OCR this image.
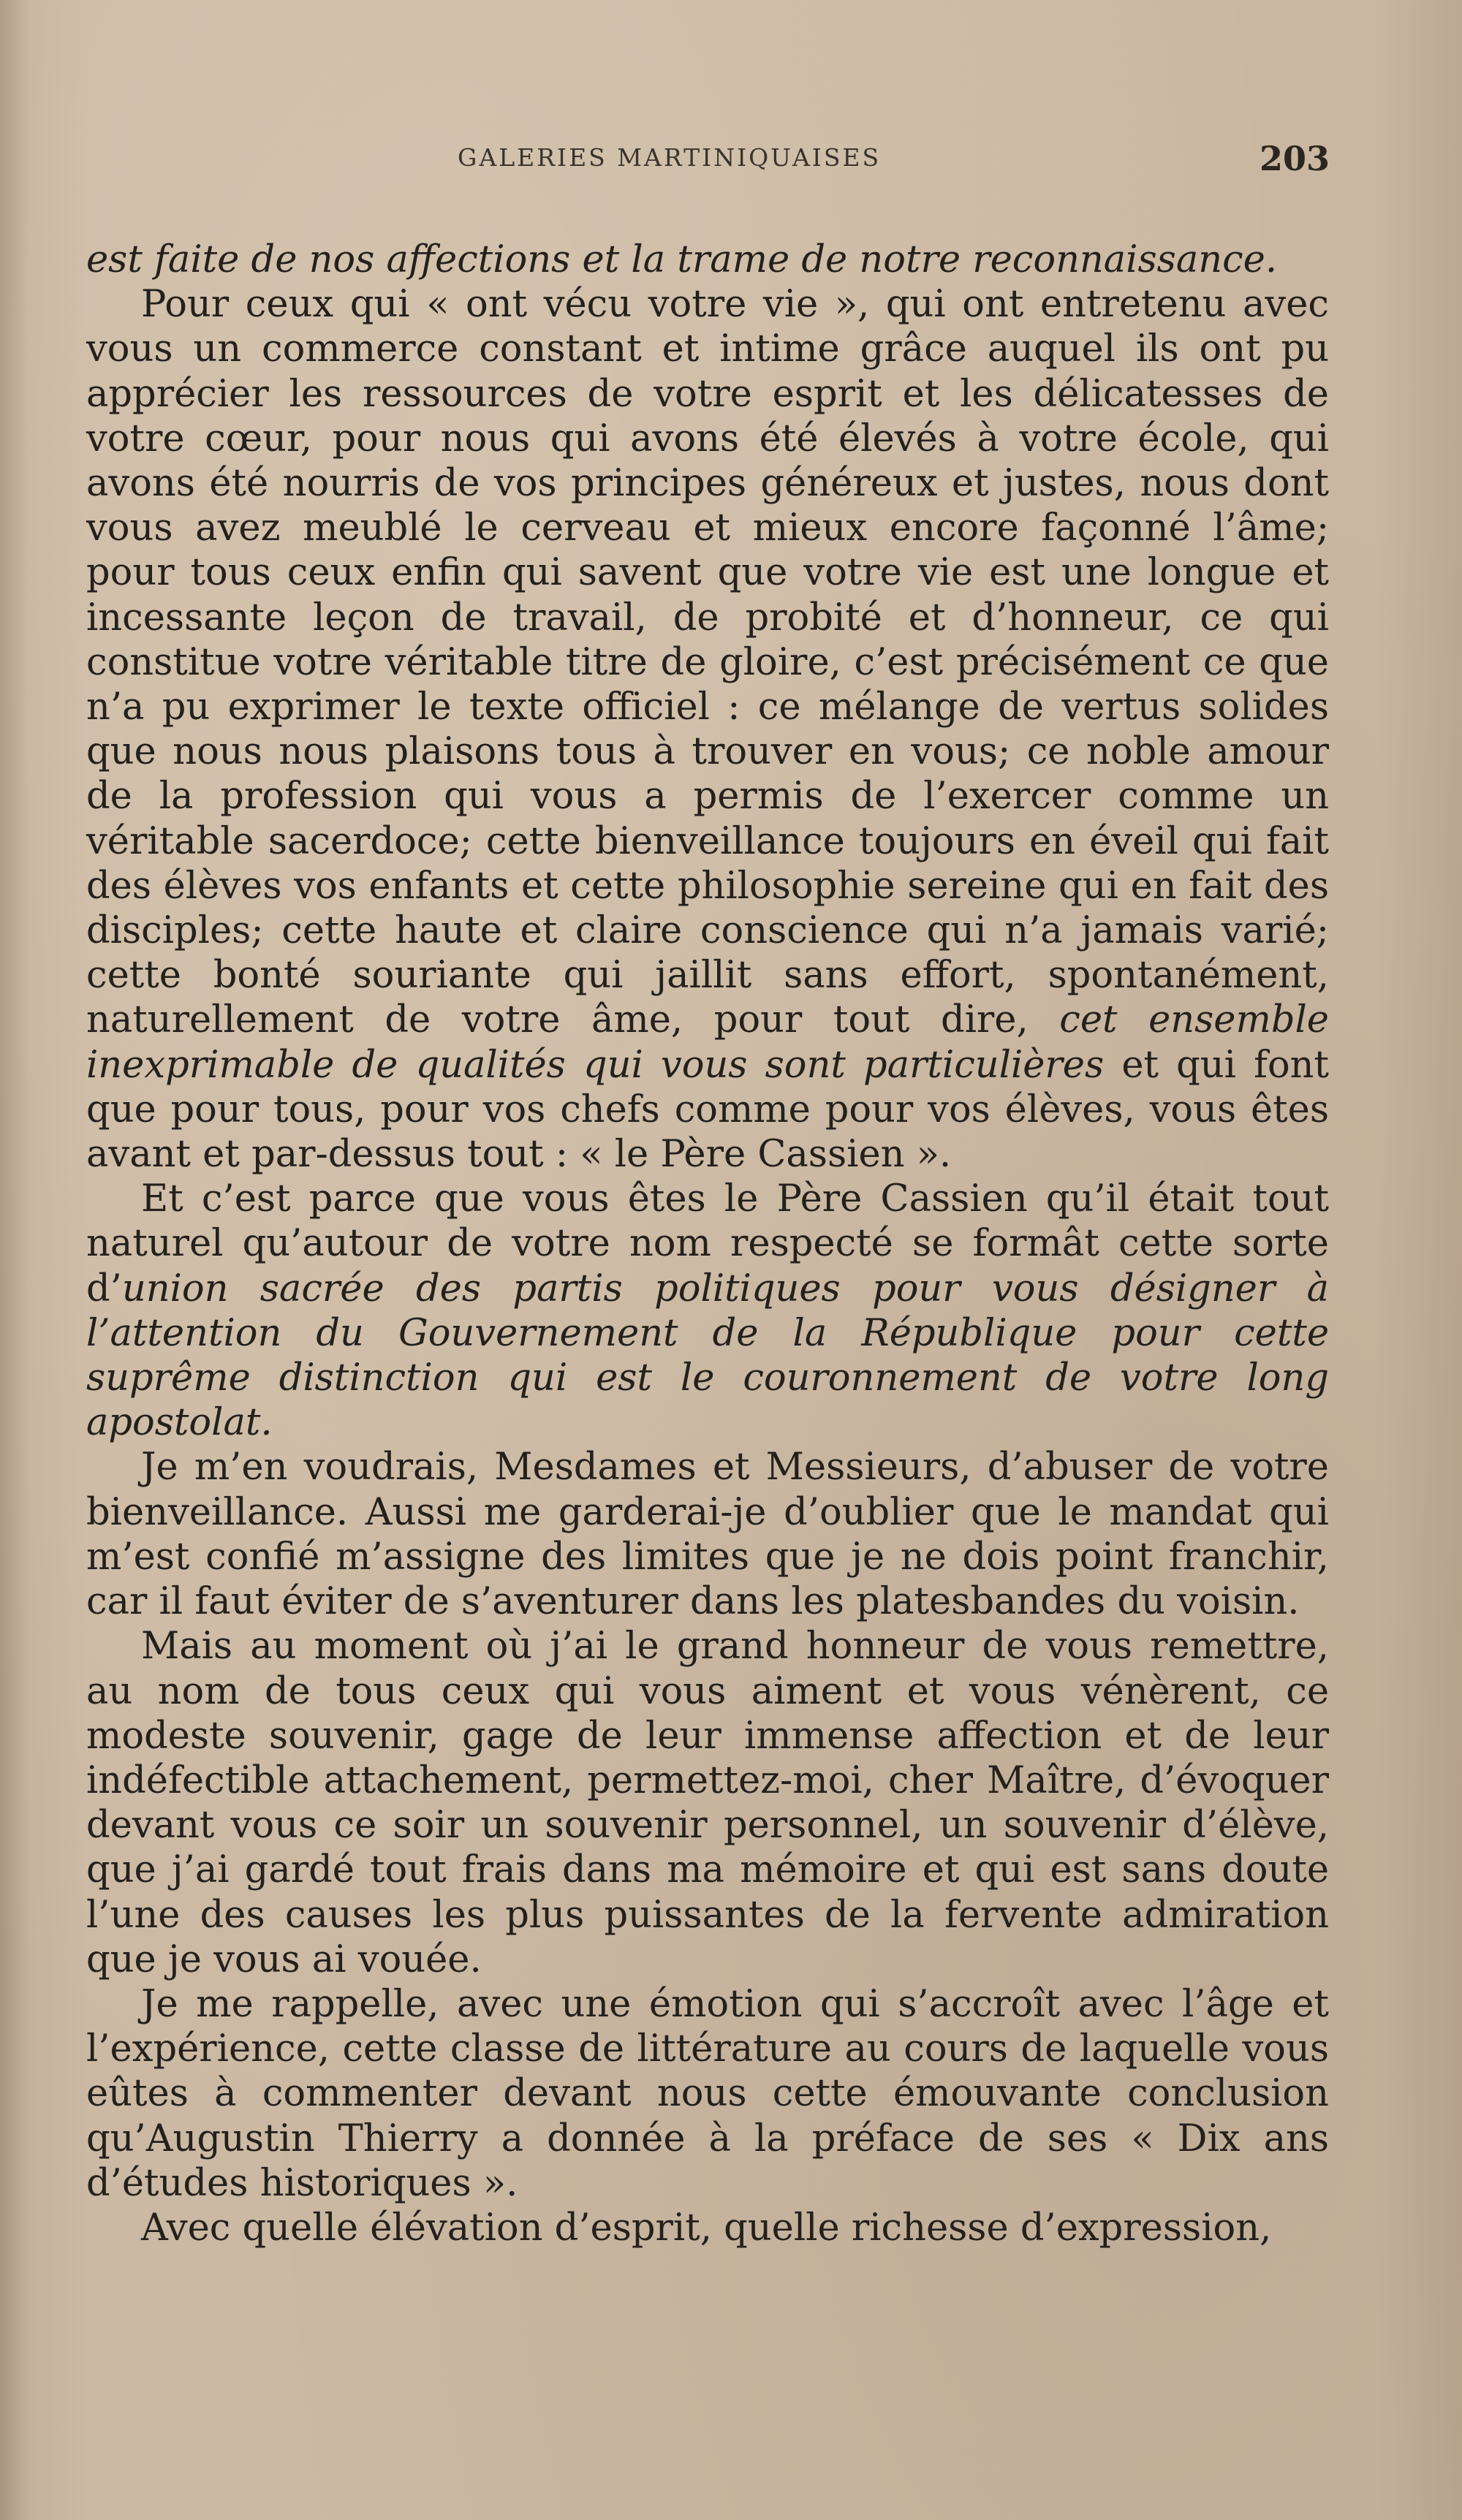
GALERIES MARTINIQUAISES	203

est faite de nos affections et la trame de notre reconnaissance.

Pour ceux qui « ont vécu votre vie », qui ont entretenu avec vous un commerce constant et intime grâce auquel ils ont pu apprécier les ressources de votre esprit et les délicatesses de votre cœur, pour nous qui avons été élevés à votre école, qui avons été nourris de vos principes généreux et justes, nous dont vous avez meublé le cerveau et mieux encore façonné l’âme; pour tous ceux enfin qui savent que votre vie est une longue et incessante leçon de travail, de probité et d’honneur, ce qui constitue votre véritable titre de gloire, c’est précisément ce que n’a pu exprimer le texte officiel : ce mélange de vertus solides que nous nous plaisons tous à trouver en vous; ce noble amour de la profession qui vous a permis de l’exercer comme un véritable sacerdoce; cette bienveillance toujours en éveil qui fait des élèves vos enfants et cette philosophie sereine qui en fait des disciples; cette haute et claire conscience qui n’a jamais varié; cette bonté souriante qui jaillit sans effort, spontanément, naturellement de votre âme, pour tout dire, cet ensemble inexprimable de qualités qui vous sont particulières et qui font que pour tous, pour vos chefs comme pour vos élèves, vous êtes avant et par-dessus tout : « le Père Cassien ».

Et c’est parce que vous êtes le Père Cassien qu’il était tout naturel qu’autour de votre nom respecté se formât cette sorte d’union sacrée des partis politiques pour vous désigner à l’attention du Gouvernement de la République pour cette suprême distinction qui est le couronnement de votre long apostolat.

Je m’en voudrais, Mesdames et Messieurs, d’abuser de votre bienveillance. Aussi me garderai-je d’oublier que le mandat qui m’est confié m’assigne des limites que je ne dois point franchir, car il faut éviter de s’aventurer dans les platesbandes du voisin.

Mais au moment où j’ai le grand honneur de vous remettre, au nom de tous ceux qui vous aiment et vous vénèrent, ce modeste souvenir, gage de leur immense affection et de leur indéfectible attachement, permettez-moi, cher Maître, d’évoquer devant vous ce soir un souvenir personnel, un souvenir d’élève, que j’ai gardé tout frais dans ma mémoire et qui est sans doute l’une des causes les plus puissantes de la fervente admiration que je vous ai vouée.

Je me rappelle, avec une émotion qui s’accroît avec l’âge et l’expérience, cette classe de littérature au cours de laquelle vous eûtes à commenter devant nous cette émouvante conclusion qu’Augustin Thierry a donnée à la préface de ses « Dix ans d’études historiques ».

Avec quelle élévation d’esprit, quelle richesse d’expression,
